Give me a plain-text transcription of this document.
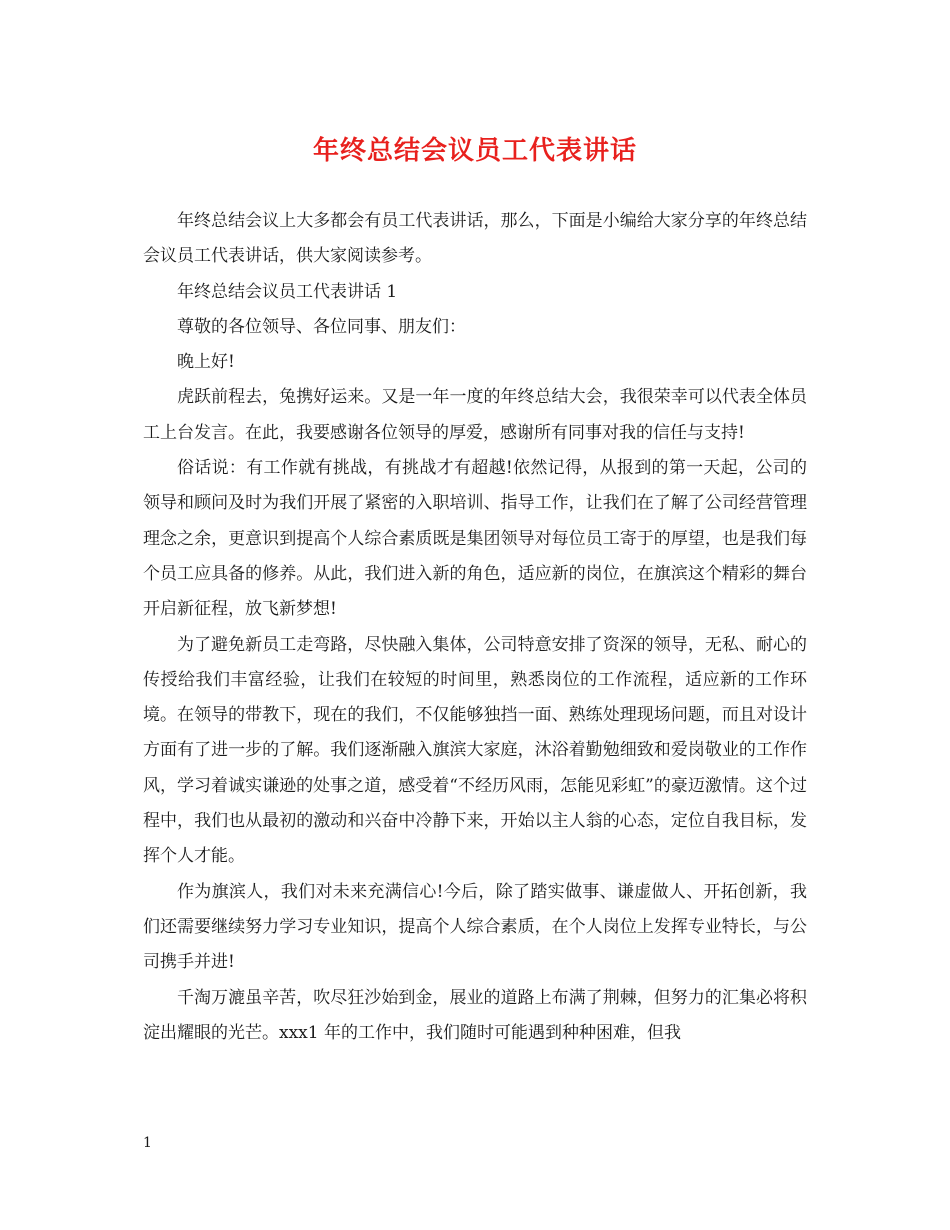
年终总结会议员工代表讲话

年终总结会议上大多都会有员工代表讲话，那么，下面是小编给大家分享的年终总结会议员工代表讲话，供大家阅读参考。

年终总结会议员工代表讲话 1

尊敬的各位领导、各位同事、朋友们：

晚上好!

虎跃前程去，兔携好运来。又是一年一度的年终总结大会，我很荣幸可以代表全体员工上台发言。在此，我要感谢各位领导的厚爱，感谢所有同事对我的信任与支持!

俗话说：有工作就有挑战，有挑战才有超越!依然记得，从报到的第一天起，公司的领导和顾问及时为我们开展了紧密的入职培训、指导工作，让我们在了解了公司经营管理理念之余，更意识到提高个人综合素质既是集团领导对每位员工寄于的厚望，也是我们每个员工应具备的修养。从此，我们进入新的角色，适应新的岗位，在旗滨这个精彩的舞台开启新征程，放飞新梦想!

为了避免新员工走弯路，尽快融入集体，公司特意安排了资深的领导，无私、耐心的传授给我们丰富经验，让我们在较短的时间里，熟悉岗位的工作流程，适应新的工作环境。在领导的带教下，现在的我们，不仅能够独挡一面、熟练处理现场问题，而且对设计方面有了进一步的了解。我们逐渐融入旗滨大家庭，沐浴着勤勉细致和爱岗敬业的工作作风，学习着诚实谦逊的处事之道，感受着“不经历风雨，怎能见彩虹”的豪迈激情。这个过程中，我们也从最初的激动和兴奋中冷静下来，开始以主人翁的心态，定位自我目标，发挥个人才能。

作为旗滨人，我们对未来充满信心!今后，除了踏实做事、谦虚做人、开拓创新，我们还需要继续努力学习专业知识，提高个人综合素质，在个人岗位上发挥专业特长，与公司携手并进!

千淘万漉虽辛苦，吹尽狂沙始到金，展业的道路上布满了荆棘，但努力的汇集必将积淀出耀眼的光芒。xxx1 年的工作中，我们随时可能遇到种种困难，但我

1
